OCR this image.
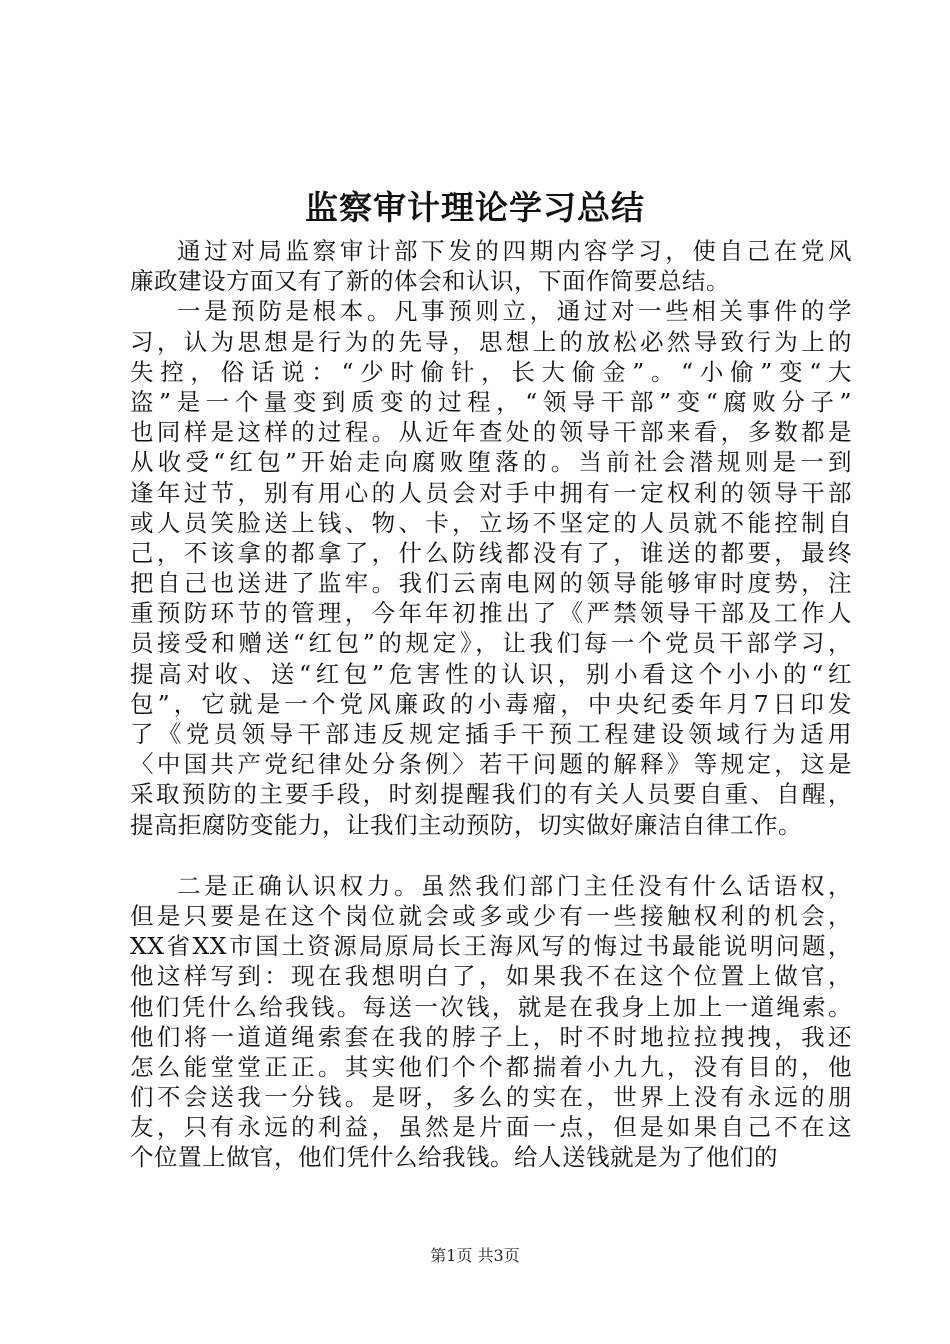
监察审计理论学习总结
通过对局监察审计部下发的四期内容学习，使自己在党风
廉政建设方面又有了新的体会和认识，下面作简要总结。
一是预防是根本。凡事预则立，通过对一些相关事件的学
习，认为思想是行为的先导，思想上的放松必然导致行为上的
失控，俗话说：“少时偷针，长大偷金”。“小偷”变“大
盗”是一个量变到质变的过程，“领导干部”变“腐败分子”
也同样是这样的过程。从近年查处的领导干部来看，多数都是
从收受“红包”开始走向腐败堕落的。当前社会潜规则是一到
逢年过节，别有用心的人员会对手中拥有一定权利的领导干部
或人员笑脸送上钱、物、卡，立场不坚定的人员就不能控制自
己，不该拿的都拿了，什么防线都没有了，谁送的都要，最终
把自己也送进了监牢。我们云南电网的领导能够审时度势，注
重预防环节的管理，今年年初推出了《严禁领导干部及工作人
员接受和赠送“红包”的规定》，让我们每一个党员干部学习，
提高对收、送“红包”危害性的认识，别小看这个小小的“红
包”，它就是一个党风廉政的小毒瘤，中央纪委年月7日印发
了《党员领导干部违反规定插手干预工程建设领域行为适用
〈中国共产党纪律处分条例〉若干问题的解释》等规定，这是
采取预防的主要手段，时刻提醒我们的有关人员要自重、自醒，
提高拒腐防变能力，让我们主动预防，切实做好廉洁自律工作。
二是正确认识权力。虽然我们部门主任没有什么话语权，
但是只要是在这个岗位就会或多或少有一些接触权利的机会，
XX省XX市国土资源局原局长王海风写的悔过书最能说明问题，
他这样写到：现在我想明白了，如果我不在这个位置上做官，
他们凭什么给我钱。每送一次钱，就是在我身上加上一道绳索。
他们将一道道绳索套在我的脖子上，时不时地拉拉拽拽，我还
怎么能堂堂正正。其实他们个个都揣着小九九，没有目的，他
们不会送我一分钱。是呀，多么的实在，世界上没有永远的朋
友，只有永远的利益，虽然是片面一点，但是如果自己不在这
个位置上做官，他们凭什么给我钱。给人送钱就是为了他们的
第1页 共3页
